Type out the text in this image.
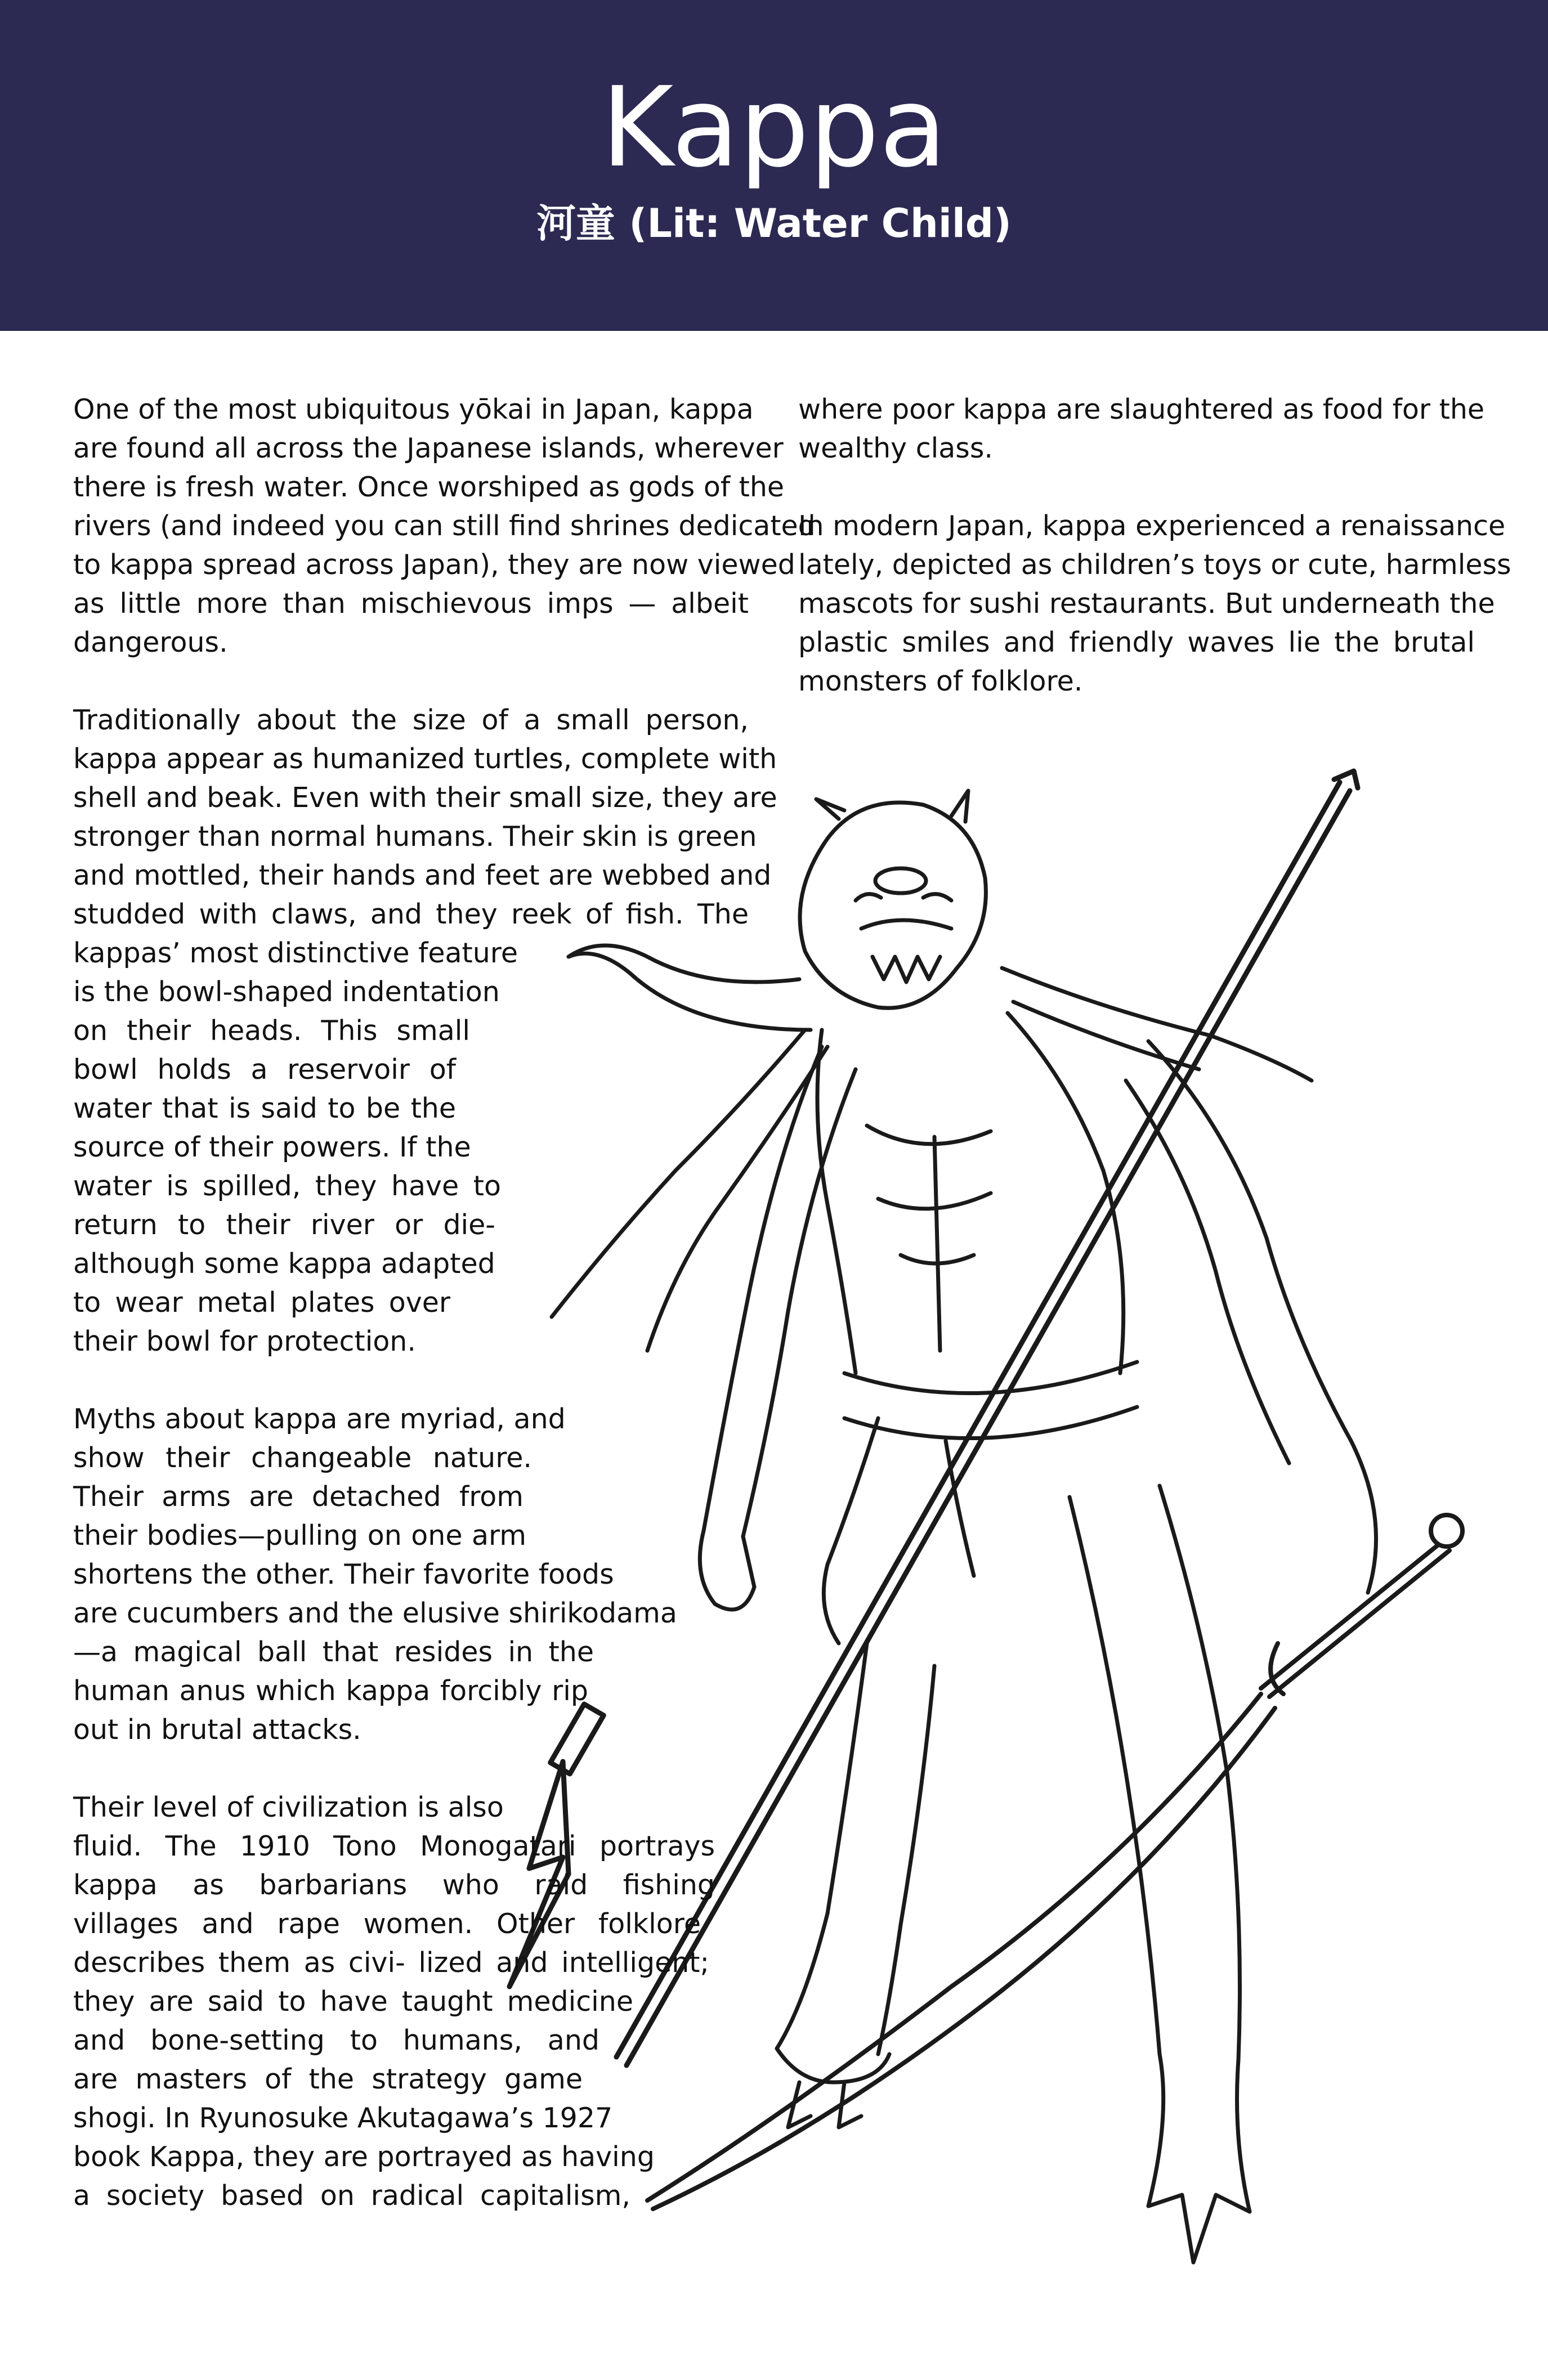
Kappa
河童 (Lit: Water Child)
One of the most ubiquitous yōkai in Japan, kappa
are found all across the Japanese islands, wherever
there is fresh water. Once worshiped as gods of the
rivers (and indeed you can still find shrines dedicated
to kappa spread across Japan), they are now viewed
as little more than mischievous imps — albeit
dangerous.
Traditionally about the size of a small person,
kappa appear as humanized turtles, complete with
shell and beak. Even with their small size, they are
stronger than normal humans. Their skin is green
and mottled, their hands and feet are webbed and
studded with claws, and they reek of fish. The
kappas’ most distinctive feature
is the bowl-shaped indentation
on their heads. This small
bowl holds a reservoir of
water that is said to be the
source of their powers. If the
water is spilled, they have to
return to their river or die-
although some kappa adapted
to wear metal plates over
their bowl for protection.
Myths about kappa are myriad, and
show their changeable nature.
Their arms are detached from
their bodies—pulling on one arm
shortens the other. Their favorite foods
are cucumbers and the elusive shirikodama
—a magical ball that resides in the
human anus which kappa forcibly rip
out in brutal attacks.
Their level of civilization is also
fluid. The 1910 Tono Monogatari portrays
kappa as barbarians who raid fishing
villages and rape women. Other folklore
describes them as civi- lized and intelligent;
they are said to have taught medicine
and bone-setting to humans, and
are masters of the strategy game
shogi. In Ryunosuke Akutagawa’s 1927
book Kappa, they are portrayed as having
a society based on radical capitalism,
where poor kappa are slaughtered as food for the
wealthy class.
In modern Japan, kappa experienced a renaissance
lately, depicted as children’s toys or cute, harmless
mascots for sushi restaurants. But underneath the
plastic smiles and friendly waves lie the brutal
monsters of folklore.
